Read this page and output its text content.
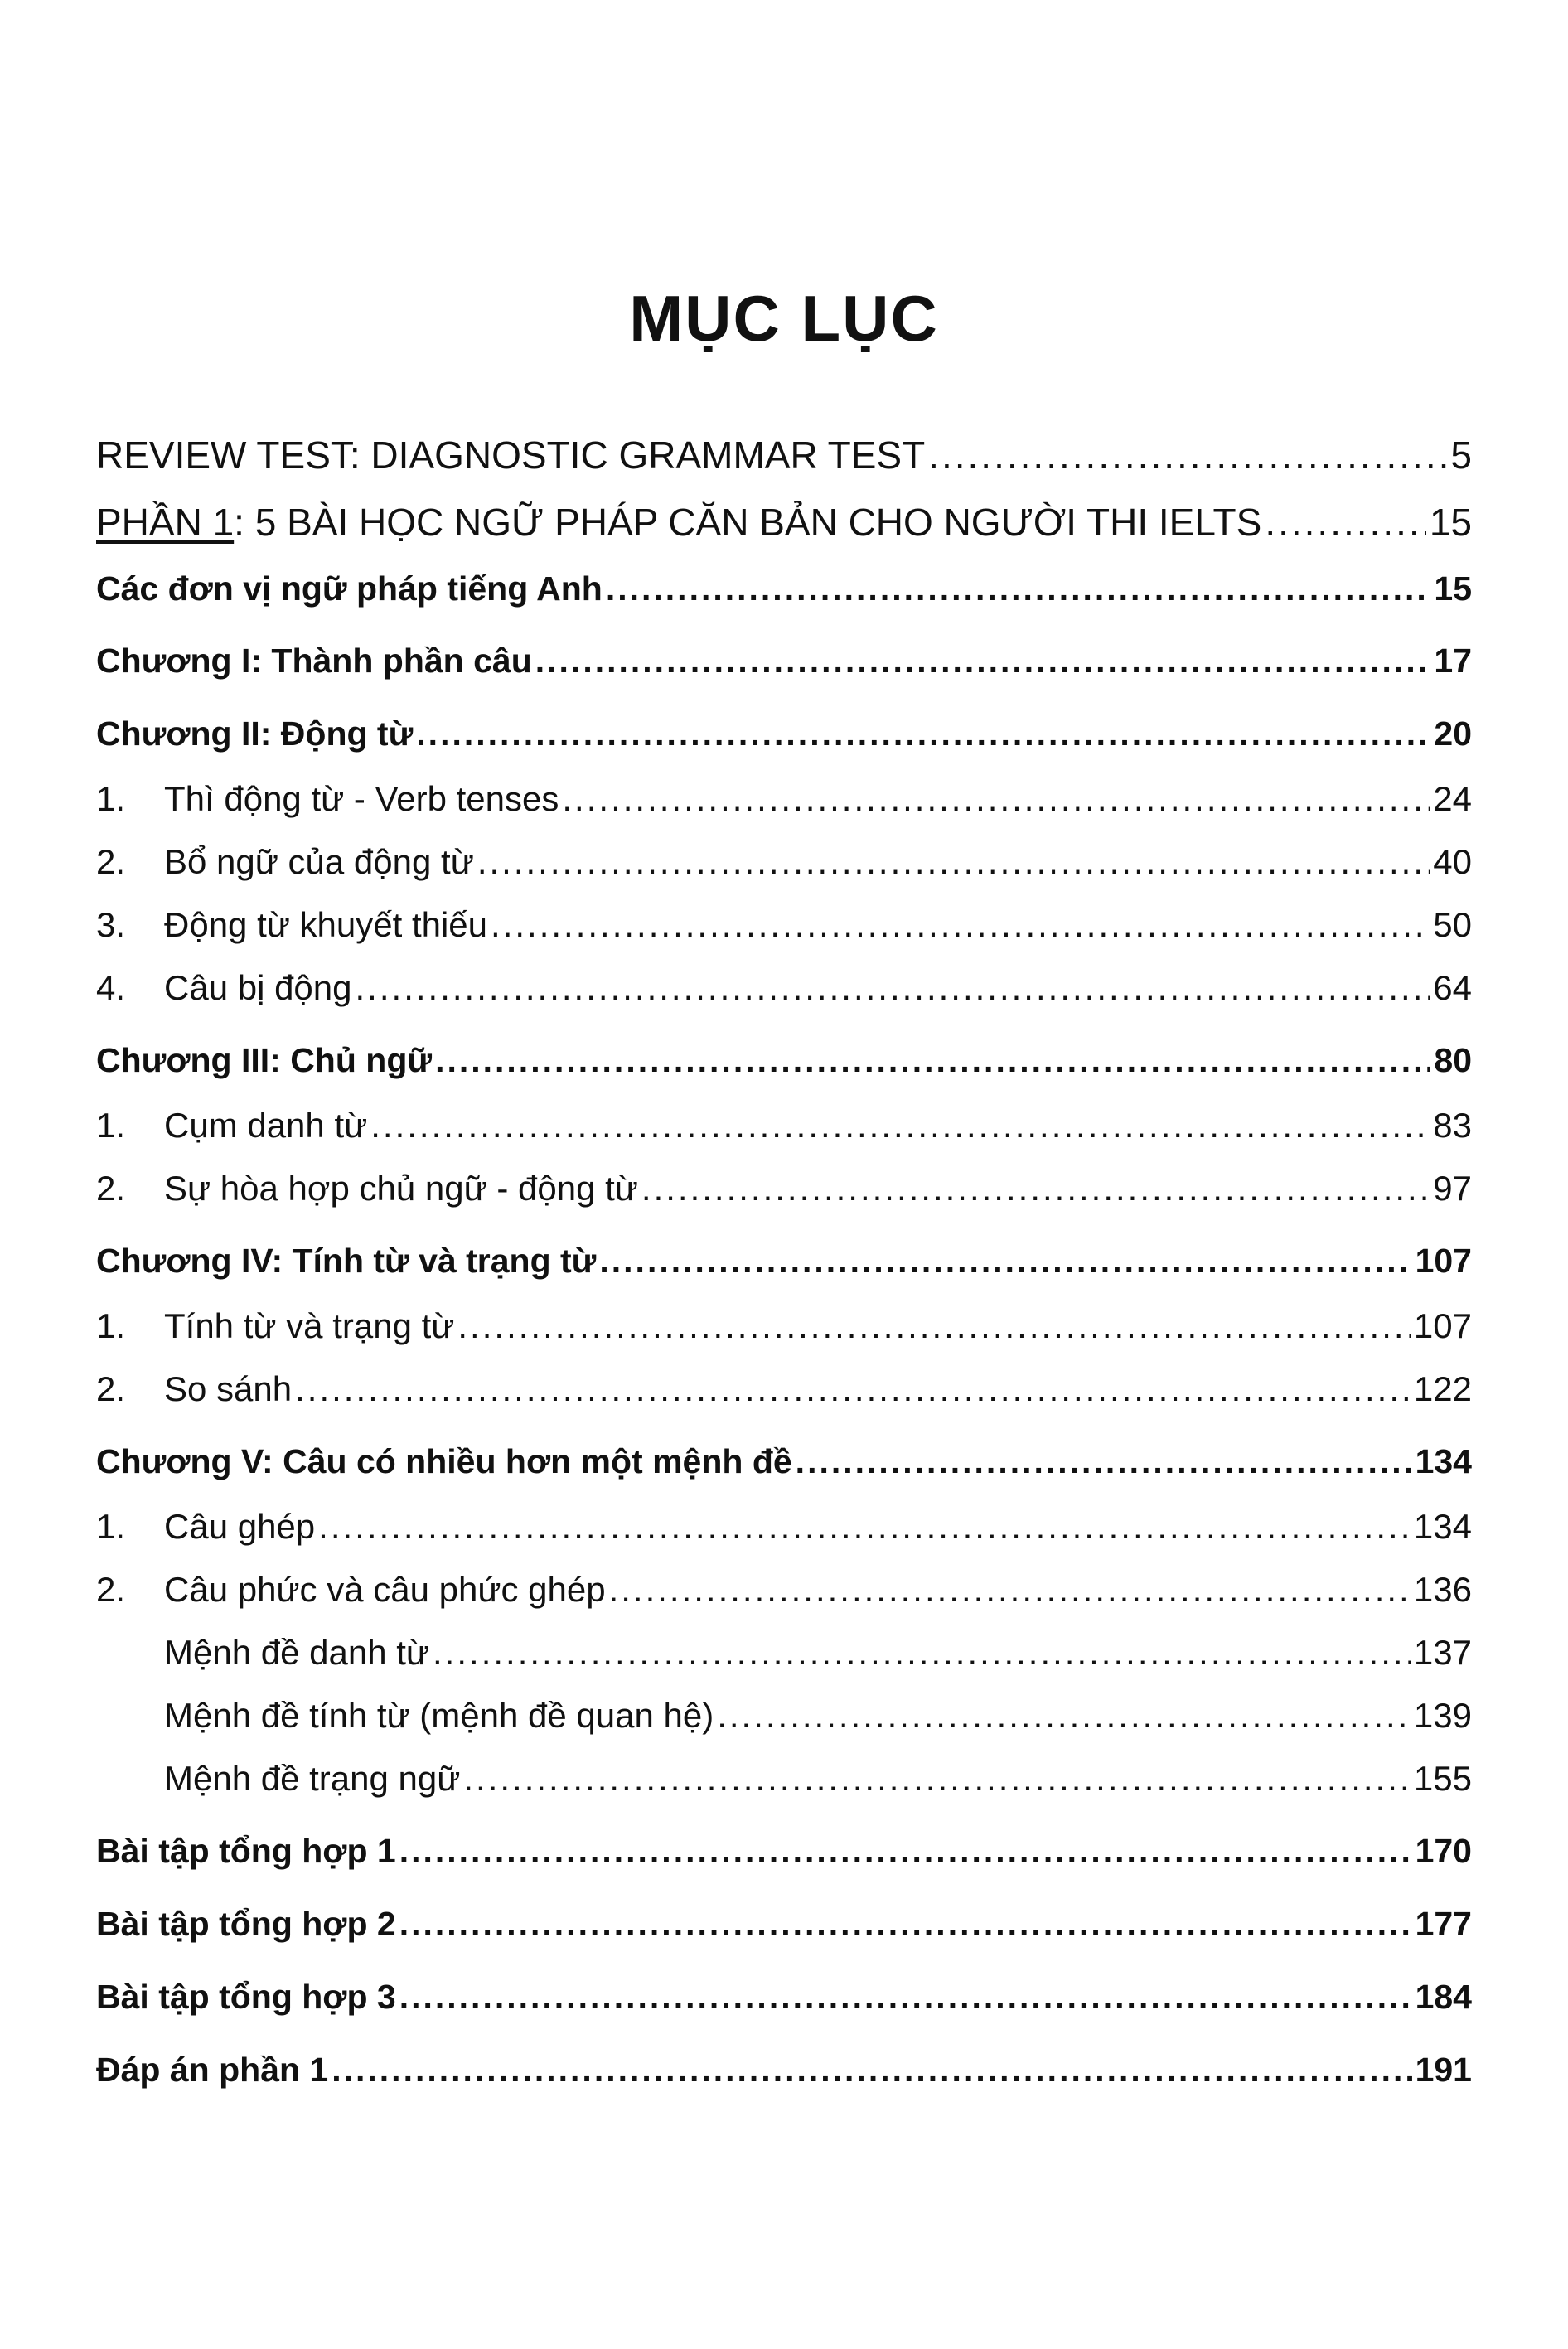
MỤC LỤC
REVIEW TEST: DIAGNOSTIC GRAMMAR TEST .....	5
PHẦN 1: 5 BÀI HỌC NGỮ PHÁP CĂN BẢN CHO NGƯỜI THI IELTS .....	15
Các đơn vị ngữ pháp tiếng Anh .....	15
Chương I: Thành phần câu .....	17
Chương II: Động từ .....	20
1.	Thì động từ - Verb tenses .....	24
2.	Bổ ngữ của động từ .....	40
3.	Động từ khuyết thiếu .....	50
4.	Câu bị động .....	64
Chương III: Chủ ngữ .....	80
1.	Cụm danh từ .....	83
2.	Sự hòa hợp chủ ngữ - động từ .....	97
Chương IV: Tính từ và trạng từ .....	107
1.	Tính từ và trạng từ .....	107
2.	So sánh .....	122
Chương V: Câu có nhiều hơn một mệnh đề .....	134
1.	Câu ghép .....	134
2.	Câu phức và câu phức ghép .....	136
Mệnh đề danh từ .....	137
Mệnh đề tính từ (mệnh đề quan hệ) .....	139
Mệnh đề trạng ngữ .....	155
Bài tập tổng hợp 1 .....	170
Bài tập tổng hợp 2 .....	177
Bài tập tổng hợp 3 .....	184
Đáp án phần 1 .....	191
